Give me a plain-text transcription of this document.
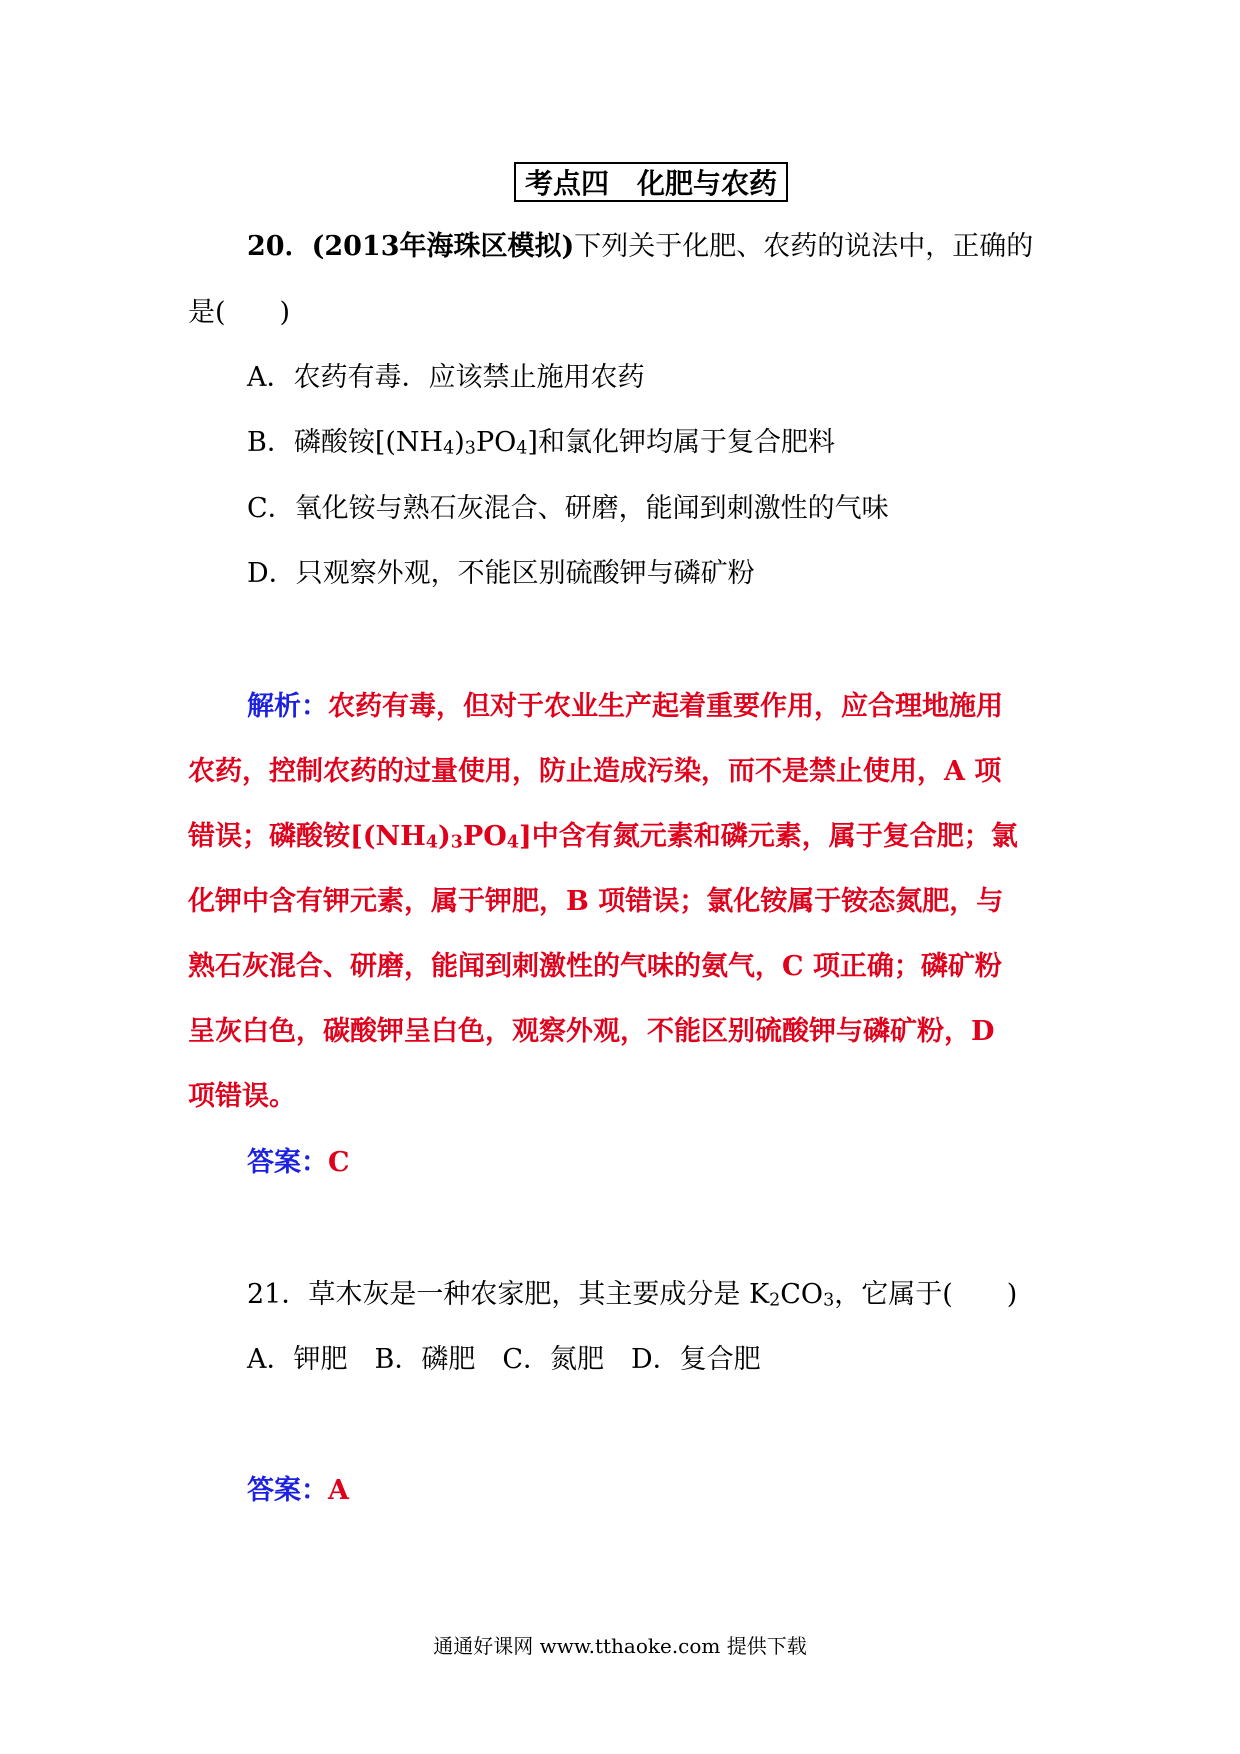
考点四　化肥与农药
20．(2013年海珠区模拟)下列关于化肥、农药的说法中，正确的
是(　　)
A．农药有毒．应该禁止施用农药
B．磷酸铵$[(NH_4)_3PO_4]$和氯化钾均属于复合肥料
C．氧化铵与熟石灰混合、研磨，能闻到刺激性的气味
D．只观察外观，不能区别硫酸钾与磷矿粉
解析：农药有毒，但对于农业生产起着重要作用，应合理地施用
农药，控制农药的过量使用，防止造成污染，而不是禁止使用，A 项
错误；磷酸铵$[(NH_4)_3PO_4]$中含有氮元素和磷元素，属于复合肥；氯
化钾中含有钾元素，属于钾肥，B 项错误；氯化铵属于铵态氮肥，与
熟石灰混合、研磨，能闻到刺激性的气味的氨气，C 项正确；磷矿粉
呈灰白色，碳酸钾呈白色，观察外观，不能区别硫酸钾与磷矿粉，D
项错误。
答案：C
21．草木灰是一种农家肥，其主要成分是 $K_2CO_3$，它属于(　　)
A．钾肥　B．磷肥　C．氮肥　D．复合肥
答案：A
通通好课网 www.tthaoke.com 提供下载
